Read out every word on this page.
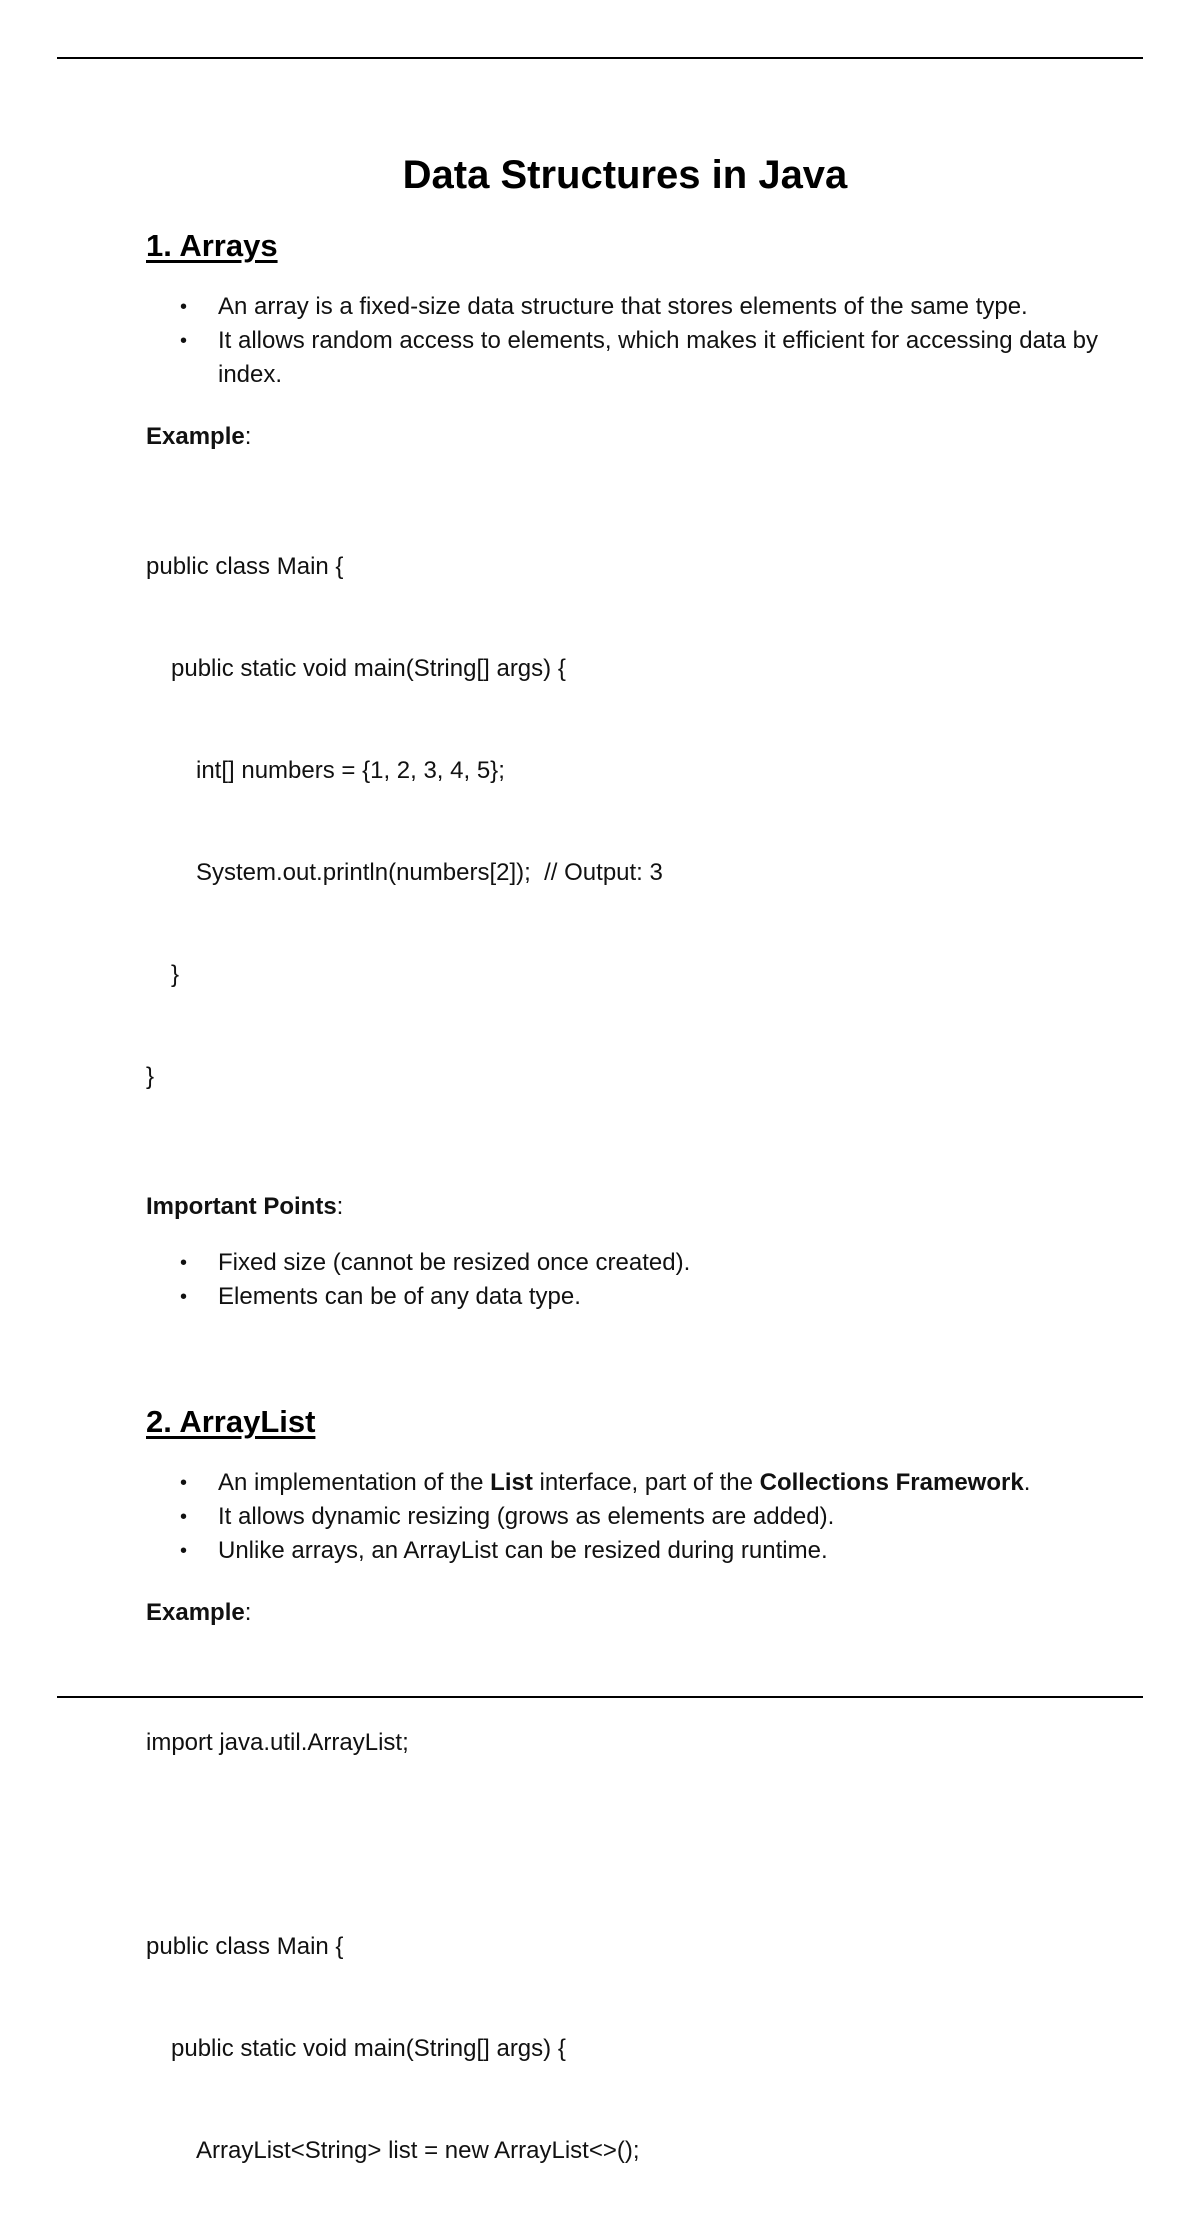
Data Structures in Java
1. Arrays
• An array is a fixed-size data structure that stores elements of the same type.
• It allows random access to elements, which makes it efficient for accessing data by index.

Example:

public class Main {

public static void main(String[] args) {

int[] numbers = {1, 2, 3, 4, 5};

System.out.println(numbers[2]);  // Output: 3

}

}

Important Points:

• Fixed size (cannot be resized once created).
• Elements can be of any data type.
2. ArrayList
• An implementation of the List interface, part of the Collections Framework.
• It allows dynamic resizing (grows as elements are added).
• Unlike arrays, an ArrayList can be resized during runtime.

Example:

import java.util.ArrayList;

public class Main {

public static void main(String[] args) {

ArrayList<String> list = new ArrayList<>();
